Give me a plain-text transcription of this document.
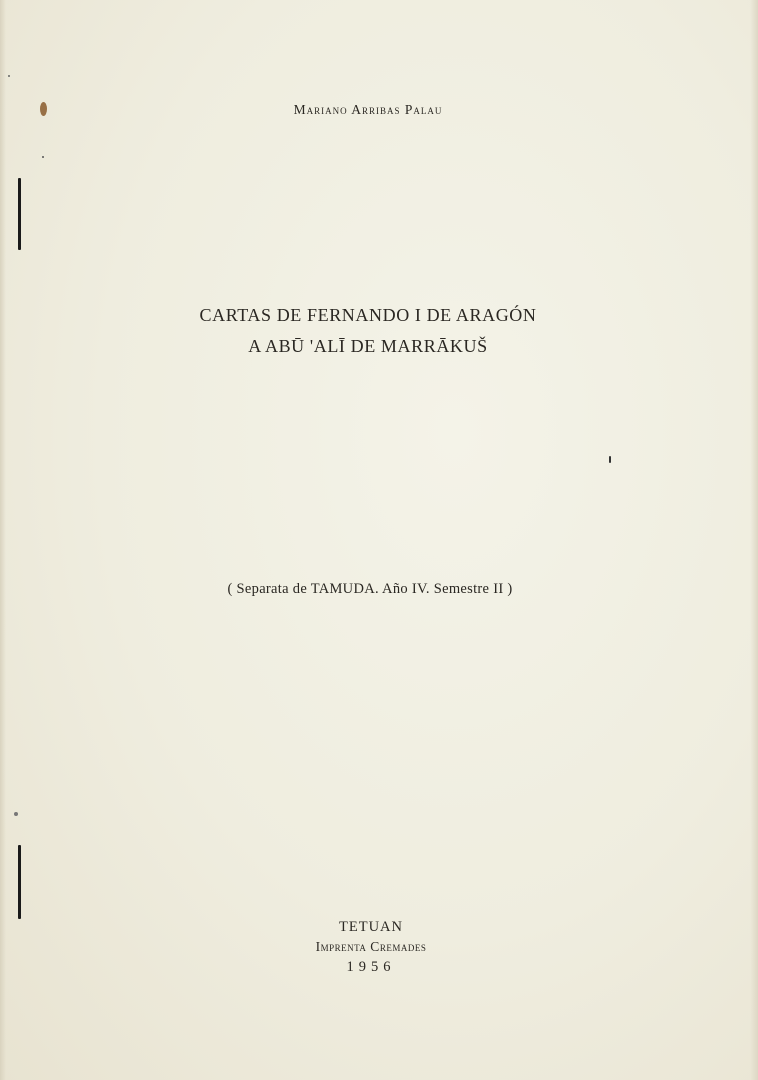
Mariano Arribas Palau
CARTAS DE FERNANDO I DE ARAGÓN
A ABŪ 'ALĪ DE MARRĀKUŠ
( Separata de TAMUDA. Año IV. Semestre II )
TETUAN
Imprenta Cremades
1956
